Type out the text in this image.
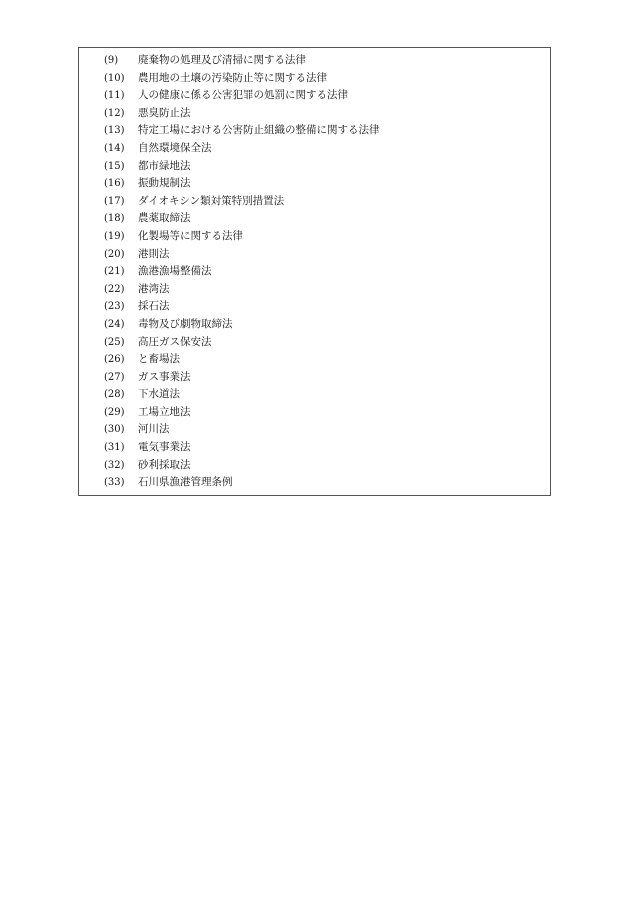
(9)	廃棄物の処理及び清掃に関する法律
(10)	農用地の土壌の汚染防止等に関する法律
(11)	人の健康に係る公害犯罪の処罰に関する法律
(12)	悪臭防止法
(13)	特定工場における公害防止組織の整備に関する法律
(14)	自然環境保全法
(15)	都市緑地法
(16)	振動規制法
(17)	ダイオキシン類対策特別措置法
(18)	農薬取締法
(19)	化製場等に関する法律
(20)	港則法
(21)	漁港漁場整備法
(22)	港湾法
(23)	採石法
(24)	毒物及び劇物取締法
(25)	高圧ガス保安法
(26)	と畜場法
(27)	ガス事業法
(28)	下水道法
(29)	工場立地法
(30)	河川法
(31)	電気事業法
(32)	砂利採取法
(33)	石川県漁港管理条例
